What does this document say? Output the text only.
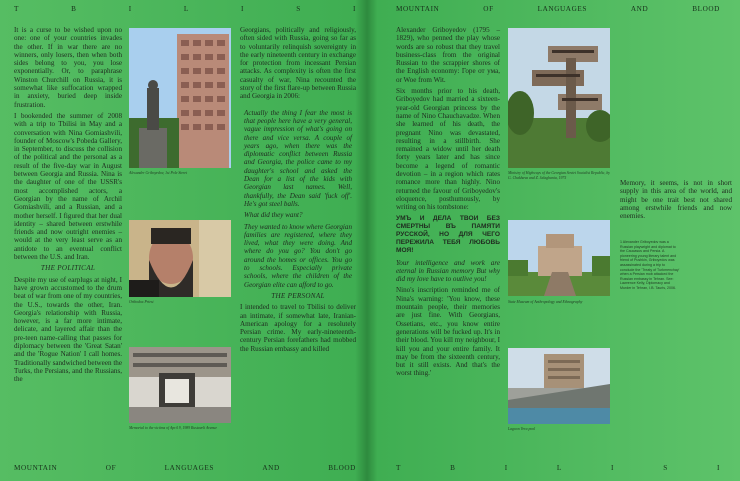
T	B	I	L	I	S	I

It is a curse to be wished upon no one: one of your countries invades the other. If in war there are no winners, only losers, then when both sides belong to you, you lose exponentially. Or, to paraphrase Winston Churchill on Russia, it is somewhat like suffocation wrapped in anxiety, buried deep inside frustration.

I bookended the summer of 2008 with a trip to Tbilisi in May and a conversation with Nina Gomiashvili, founder of Moscow's Pobeda Gallery, in September, to discuss the collision of the political and the personal as a result of the five-day war in August between Georgia and Russia. Nina is the daughter of one of the USSR's most accomplished actors, a Georgian by the name of Archil Gomiashvili, and a Russian, and a mother herself. I figured that her dual identity – shared between erstwhile friends and now outright enemies – would at the very least serve as an antidote to an eventual conflict between the U.S. and Iran.

THE POLITICAL

Despite my use of earplugs at night, I have grown accustomed to the drum beat of war from one of my countries, the U.S., towards the other, Iran. Georgia's relationship with Russia, however, is a far more intimate, delicate, and layered affair than the pre-teen name-calling that passes for diplomacy between the 'Great Satan' and the 'Rogue Nation' I call homes. Traditionally sandwiched between the Turks, the Persians, and the Russians, the

Alexander Griboyedov, 1st Pole Street
Orthodox Priest
Memorial to the victims of April 9, 1989 Rustaveli Avenue

Georgians, politically and religiously, often sided with Russia, going so far as to voluntarily relinquish sovereignty in the early nineteenth century in exchange for protection from incessant Persian attacks. As complexity is often the first casualty of war, Nina recounted the story of the first flare-up between Russia and Georgia in 2006:

Actually the thing I fear the most is that people here have a very general, vague impression of what's going on there and vice versa. A couple of years ago, when there was the diplomatic conflict between Russia and Georgia, the police came to my daughter's school and asked the Dean for a list of the kids with Georgian last names. Well, thankfully, the Dean said 'fuck off'. He's got steel balls.

What did they want?

They wanted to know where Georgian families are registered, where they lived, what they were doing. And where do you go? You don't go around the homes or offices. You go to schools. Especially private schools, where the children of the Georgian elite can afford to go.

THE PERSONAL

I intended to travel to Tbilisi to deliver an intimate, if somewhat late, Iranian-American apology for a resolutely Persian crime. My early-nineteenth-century Persian forefathers had mobbed the Russian embassy and killed

MOUNTAIN	OF	LANGUAGES	AND	BLOOD
MOUNTAIN	OF	LANGUAGES	AND	BLOOD

Alexander Griboyedov (1795 – 1829), who penned the play whose words are so robust that they travel business-class from the original Russian to the scrappier shores of the English economy: Горе от ума, or Woe from Wit.

Six months prior to his death, Griboyedov had married a sixteen-year-old Georgian princess by the name of Nino Chauchavadze. When she learned of his death, the pregnant Nino was devastated, resulting in a stillbirth. She remained a widow until her death forty years later and has since become a legend of romantic devotion – in a region which rates romance more than highly. Nino returned the favour of Griboyedov's eloquence, posthumously, by writing on his tombstone:

УМЪ И ДЕЛА ТВОИ БЕЗ СМЕРТНЫ ВЪ ПАМЯТИ РУССКОЙ, НО ДЛЯ ЧЕГО ПЕРЕЖИЛА ТЕБЯ ЛЮБОВЬ МОЯ!

Your intelligence and work are eternal in Russian memory But why did my love have to outlive you!

Nino's inscription reminded me of Nina's warning: 'You know, these mountain people, their memories are just fine. With Georgians, Ossetians, etc., you know entire generations will be fucked up. It's in their blood. You kill my neighbour, I kill you and your entire family. It may be from the sixteenth century, but it still exists. And that's the worst thing.'

Ministry of Highways of the Georgian Soviet Socialist Republic, by G. Chakhava and Z. Jalaghania, 1975
State Museum of Anthropology and Ethnography
Lagoon Vera pool

Memory, it seems, is not in short supply in this area of the world, and might be one trait best not shared among erstwhile friends and now enemies.

1 Alexander Griboyedov was a Russian playwright and diplomat to the Caucasus and Persia. A pioneering young literary talent and friend of Pushkin, Griboyedov was assassinated during a trip to conclude the 'Treaty of Turkmenchay' when a Persian mob attacked the Russian embassy in Tehran. See: Lawrence Kelly, Diplomacy and Murder in Tehran, I.B. Tauris, 2006.
T	B	I	L	I	S	I
